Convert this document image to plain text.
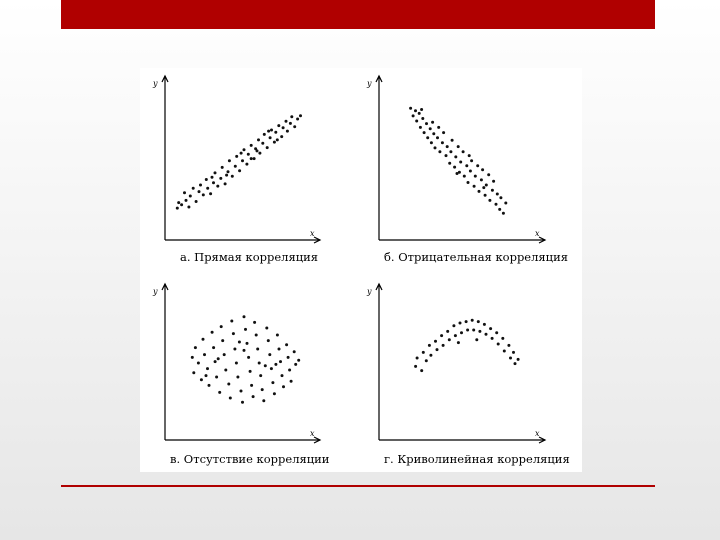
y
x
а. Прямая корреляция
y
x
б. Отрицательная корреляция
y
x
в. Отсутствие корреляции
y
x
г. Криволинейная корреляция
